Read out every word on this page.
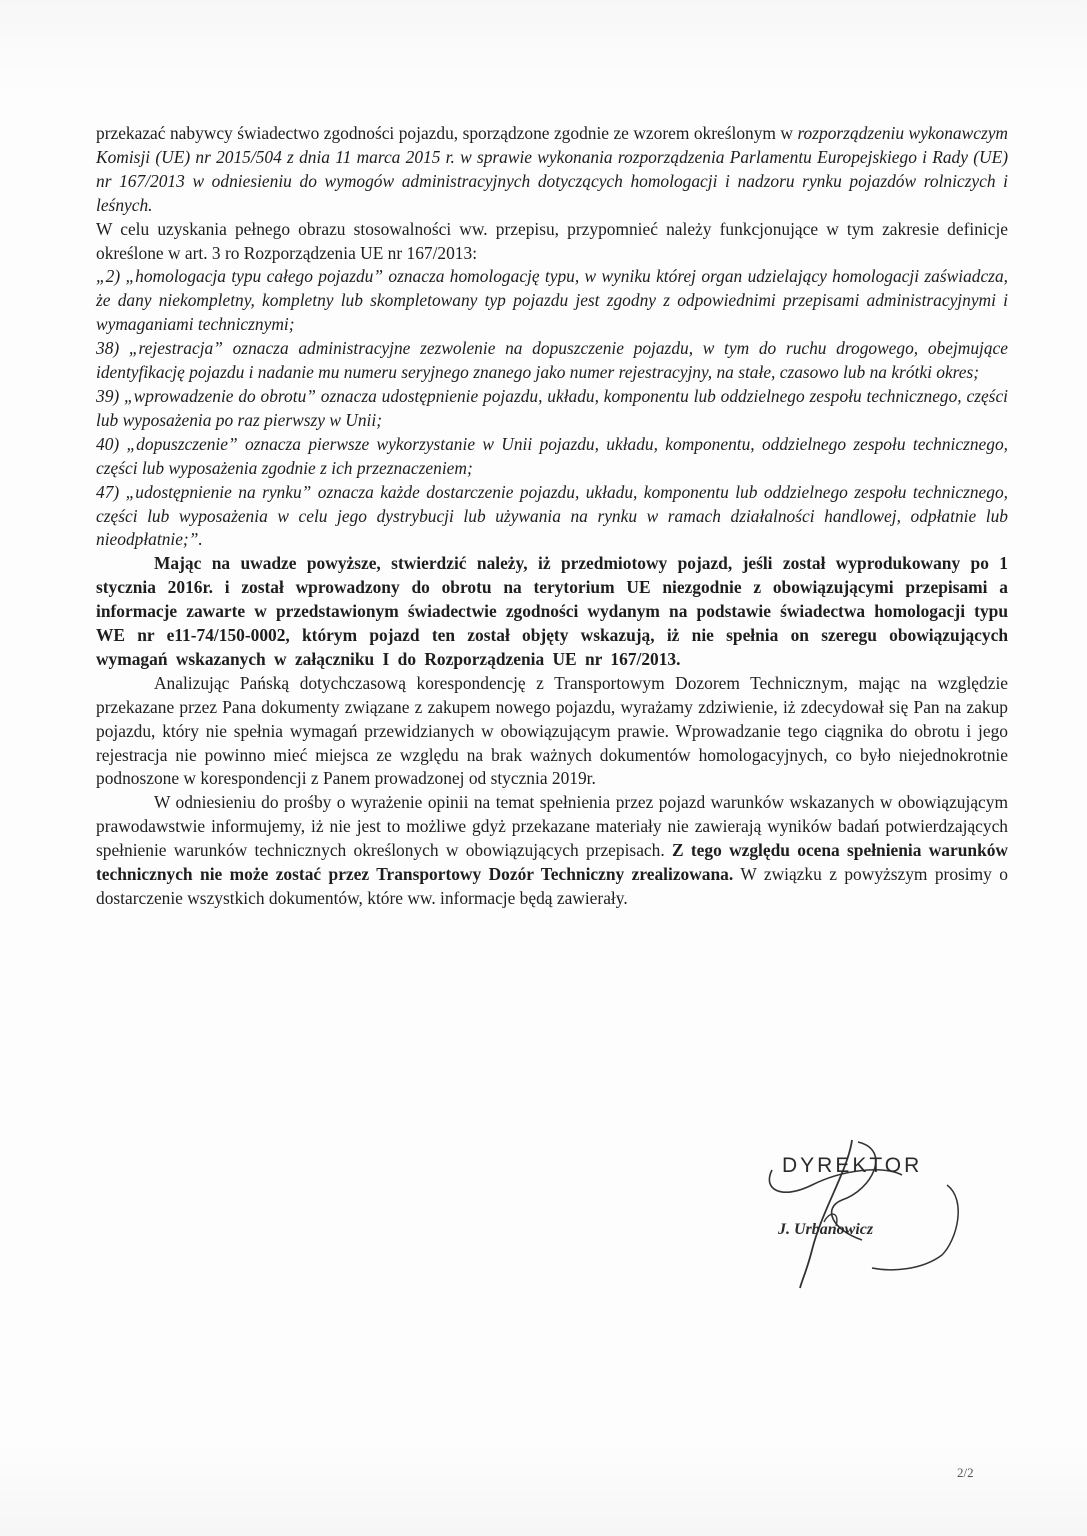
przekazać nabywcy świadectwo zgodności pojazdu, sporządzone zgodnie ze wzorem określonym w rozporządzeniu wykonawczym Komisji (UE) nr 2015/504 z dnia 11 marca 2015 r. w sprawie wykonania rozporządzenia Parlamentu Europejskiego i Rady (UE) nr 167/2013 w odniesieniu do wymogów administracyjnych dotyczących homologacji i nadzoru rynku pojazdów rolniczych i leśnych.

W celu uzyskania pełnego obrazu stosowalności ww. przepisu, przypomnieć należy funkcjonujące w tym zakresie definicje określone w art. 3 ro Rozporządzenia UE nr 167/2013:

„2) „homologacja typu całego pojazdu” oznacza homologację typu, w wyniku której organ udzielający homologacji zaświadcza, że dany niekompletny, kompletny lub skompletowany typ pojazdu jest zgodny z odpowiednimi przepisami administracyjnymi i wymaganiami technicznymi;

38) „rejestracja” oznacza administracyjne zezwolenie na dopuszczenie pojazdu, w tym do ruchu drogowego, obejmujące identyfikację pojazdu i nadanie mu numeru seryjnego znanego jako numer rejestracyjny, na stałe, czasowo lub na krótki okres;

39) „wprowadzenie do obrotu” oznacza udostępnienie pojazdu, układu, komponentu lub oddzielnego zespołu technicznego, części lub wyposażenia po raz pierwszy w Unii;

40) „dopuszczenie” oznacza pierwsze wykorzystanie w Unii pojazdu, układu, komponentu, oddzielnego zespołu technicznego, części lub wyposażenia zgodnie z ich przeznaczeniem;

47) „udostępnienie na rynku” oznacza każde dostarczenie pojazdu, układu, komponentu lub oddzielnego zespołu technicznego, części lub wyposażenia w celu jego dystrybucji lub używania na rynku w ramach działalności handlowej, odpłatnie lub nieodpłatnie;”.

Mając na uwadze powyższe, stwierdzić należy, iż przedmiotowy pojazd, jeśli został wyprodukowany po 1 stycznia 2016r. i został wprowadzony do obrotu na terytorium UE niezgodnie z obowiązującymi przepisami a informacje zawarte w przedstawionym świadectwie zgodności wydanym na podstawie świadectwa homologacji typu WE nr e11-74/150-0002, którym pojazd ten został objęty wskazują, iż nie spełnia on szeregu obowiązujących wymagań wskazanych w załączniku I do Rozporządzenia UE nr 167/2013.

Analizując Pańską dotychczasową korespondencję z Transportowym Dozorem Technicznym, mając na względzie przekazane przez Pana dokumenty związane z zakupem nowego pojazdu, wyrażamy zdziwienie, iż zdecydował się Pan na zakup pojazdu, który nie spełnia wymagań przewidzianych w obowiązującym prawie. Wprowadzanie tego ciągnika do obrotu i jego rejestracja nie powinno mieć miejsca ze względu na brak ważnych dokumentów homologacyjnych, co było niejednokrotnie podnoszone w korespondencji z Panem prowadzonej od stycznia 2019r.

W odniesieniu do prośby o wyrażenie opinii na temat spełnienia przez pojazd warunków wskazanych w obowiązującym prawodawstwie informujemy, iż nie jest to możliwe gdyż przekazane materiały nie zawierają wyników badań potwierdzających spełnienie warunków technicznych określonych w obowiązujących przepisach. Z tego względu ocena spełnienia warunków technicznych nie może zostać przez Transportowy Dozór Techniczny zrealizowana. W związku z powyższym prosimy o dostarczenie wszystkich dokumentów, które ww. informacje będą zawierały.

DYREKTOR
J. Urbanowicz
2/2
